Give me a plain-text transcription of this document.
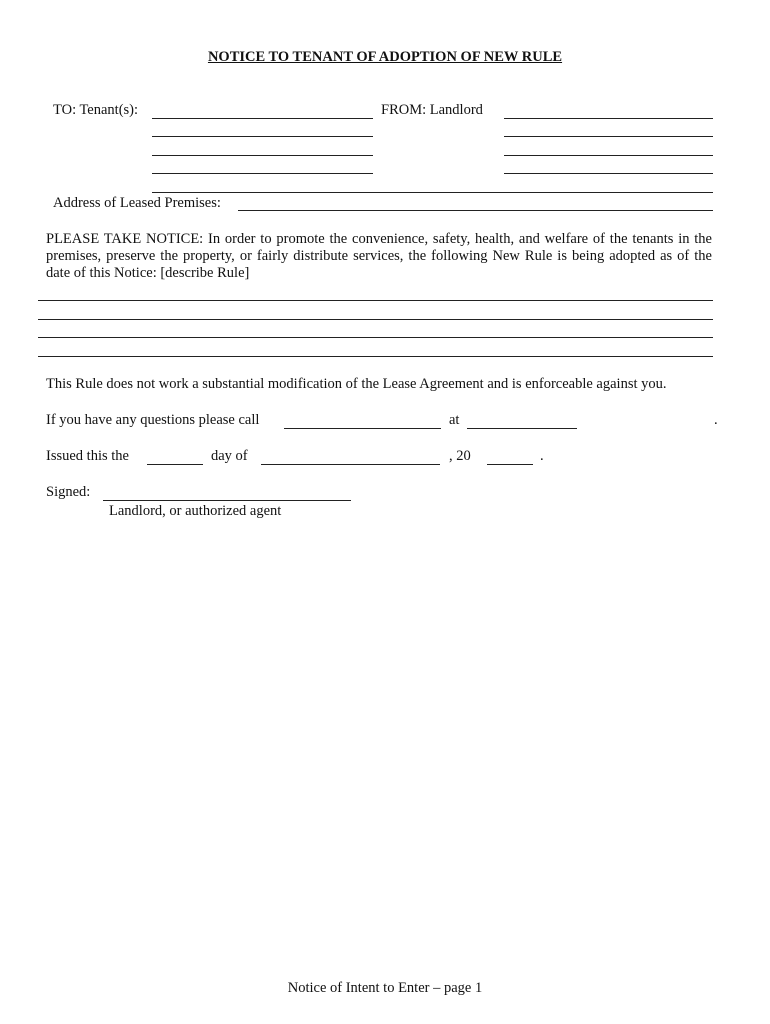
NOTICE TO TENANT OF ADOPTION OF NEW RULE
TO: Tenant(s):	FROM: Landlord
Address of Leased Premises:
PLEASE TAKE NOTICE: In order to promote the convenience, safety, health, and welfare of the tenants in the premises, preserve the property, or fairly distribute services, the following New Rule is being adopted as of the date of this Notice: [describe Rule]
This Rule does not work a substantial modification of the Lease Agreement and is enforceable against you.
If you have any questions please call	at	.
Issued this the	day of	, 20	.
Signed:
Landlord, or authorized agent
Notice of Intent to Enter – page 1
